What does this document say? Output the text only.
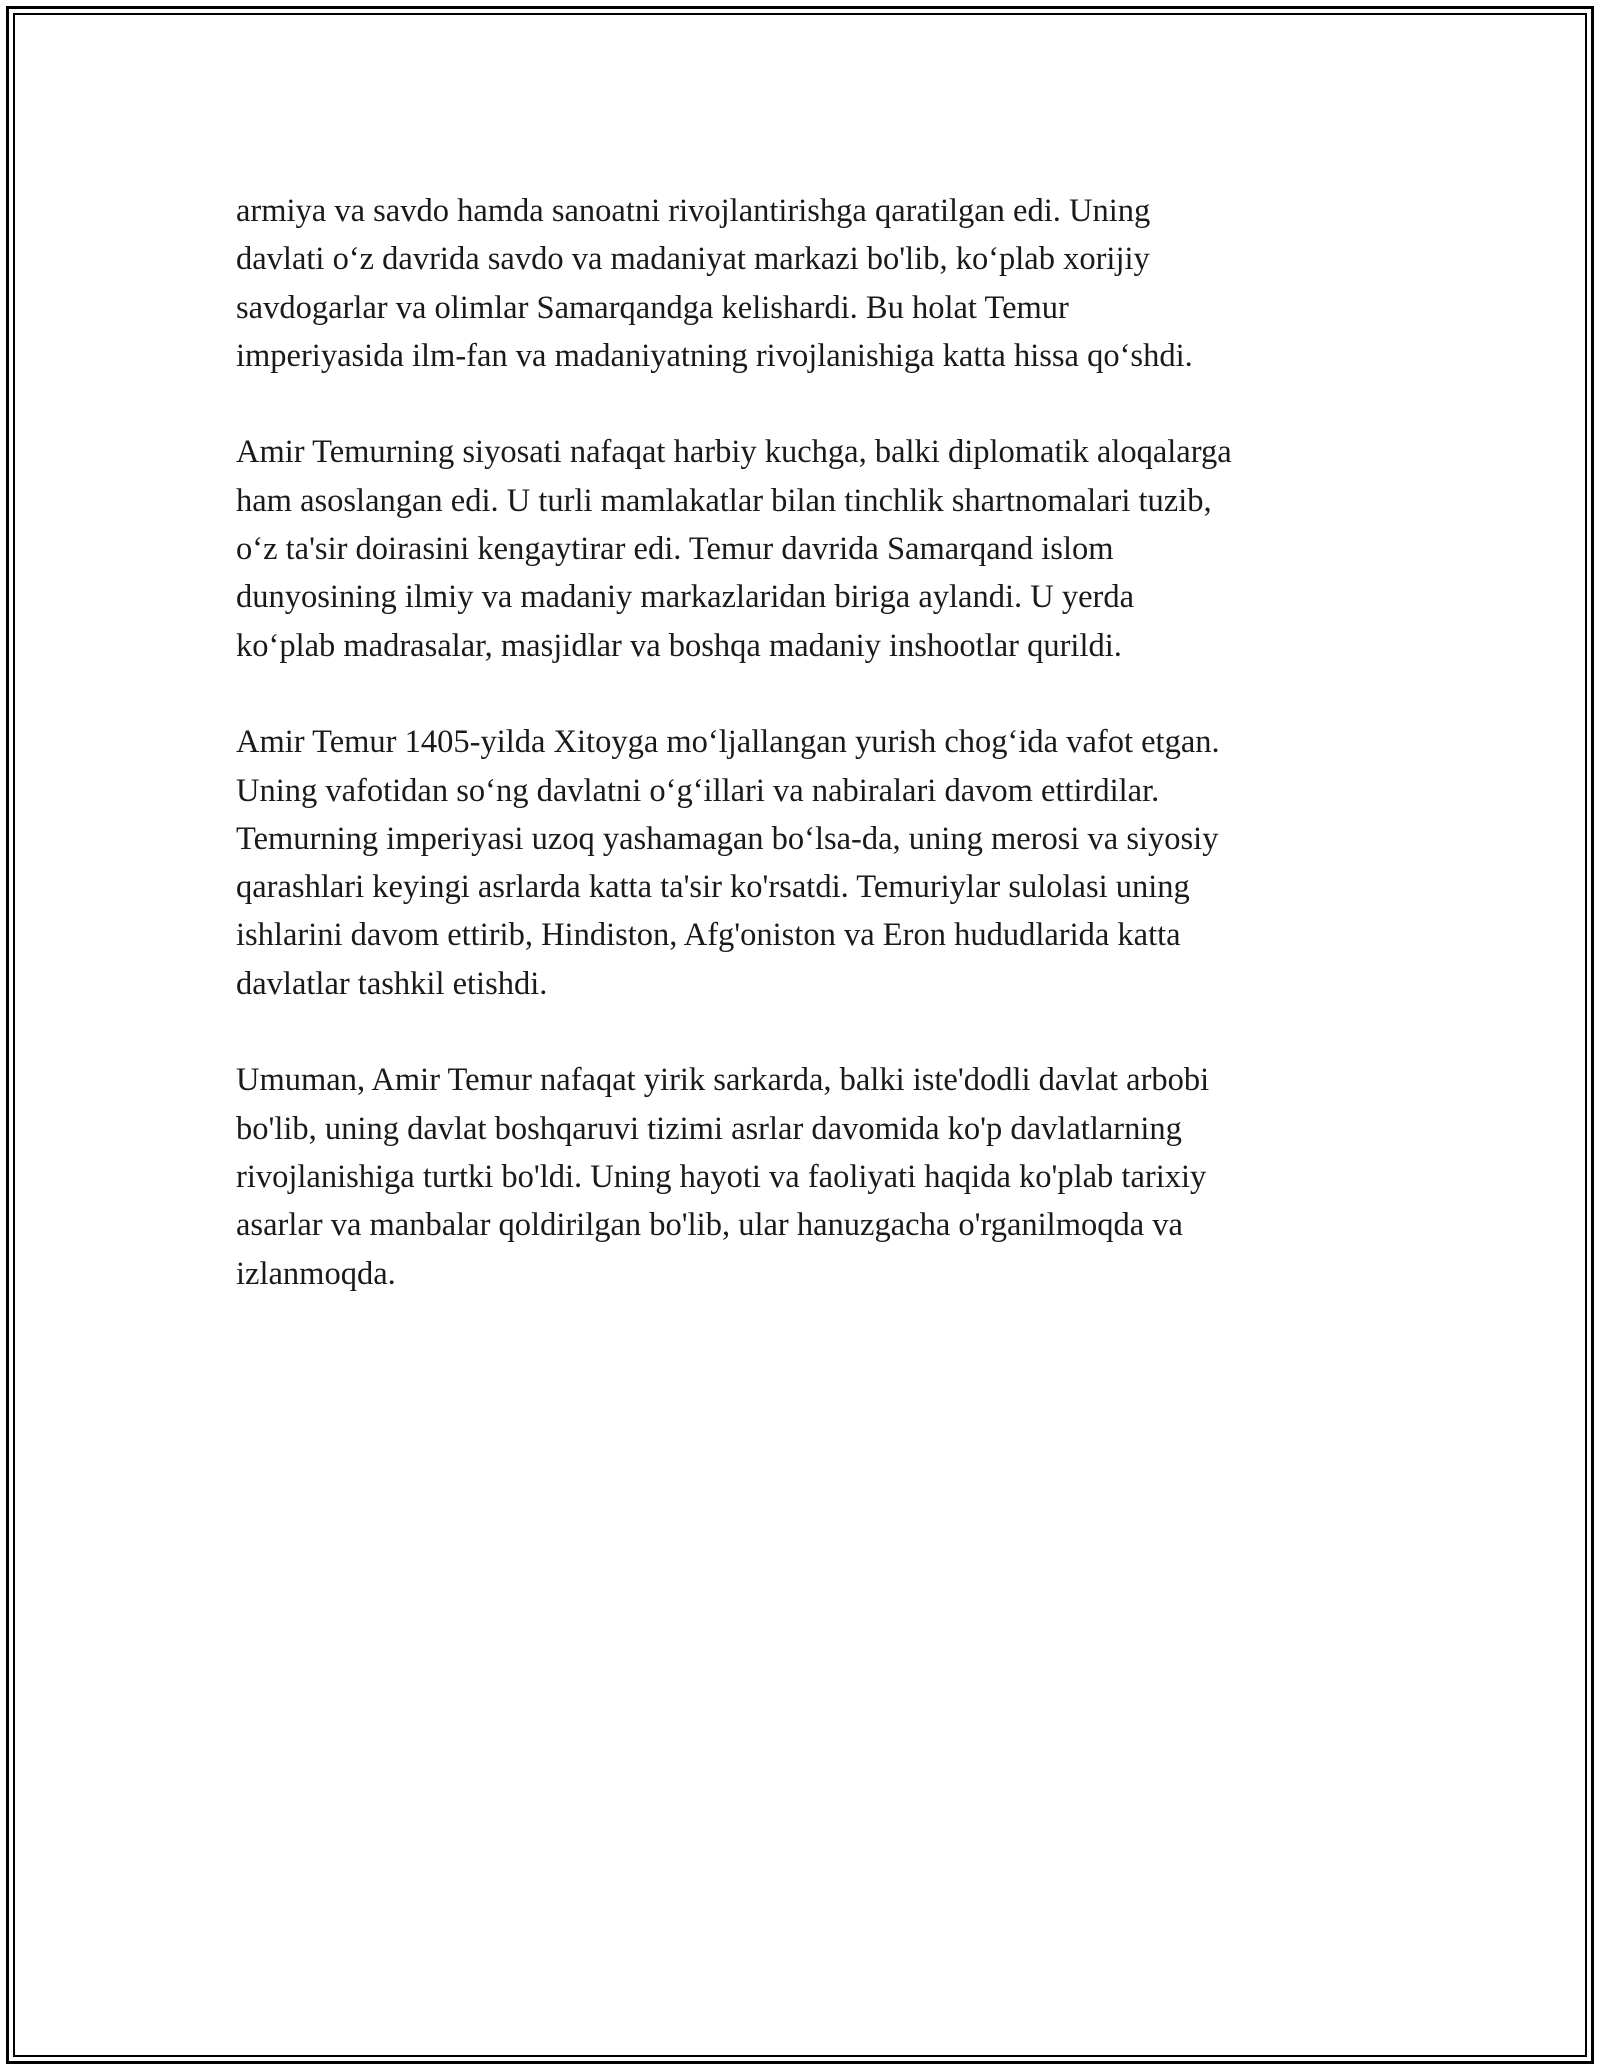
armiya va savdo hamda sanoatni rivojlantirishga qaratilgan edi. Uning
davlati o‘z davrida savdo va madaniyat markazi bo'lib, ko‘plab xorijiy
savdogarlar va olimlar Samarqandga kelishardi. Bu holat Temur
imperiyasida ilm-fan va madaniyatning rivojlanishiga katta hissa qo‘shdi.

Amir Temurning siyosati nafaqat harbiy kuchga, balki diplomatik aloqalarga
ham asoslangan edi. U turli mamlakatlar bilan tinchlik shartnomalari tuzib,
o‘z ta'sir doirasini kengaytirar edi. Temur davrida Samarqand islom
dunyosining ilmiy va madaniy markazlaridan biriga aylandi. U yerda
ko‘plab madrasalar, masjidlar va boshqa madaniy inshootlar qurildi.

Amir Temur 1405-yilda Xitoyga mo‘ljallangan yurish chog‘ida vafot etgan.
Uning vafotidan so‘ng davlatni o‘g‘illari va nabiralari davom ettirdilar.
Temurning imperiyasi uzoq yashamagan bo‘lsa-da, uning merosi va siyosiy
qarashlari keyingi asrlarda katta ta'sir ko'rsatdi. Temuriylar sulolasi uning
ishlarini davom ettirib, Hindiston, Afg'oniston va Eron hududlarida katta
davlatlar tashkil etishdi.

Umuman, Amir Temur nafaqat yirik sarkarda, balki iste'dodli davlat arbobi
bo'lib, uning davlat boshqaruvi tizimi asrlar davomida ko'p davlatlarning
rivojlanishiga turtki bo'ldi. Uning hayoti va faoliyati haqida ko'plab tarixiy
asarlar va manbalar qoldirilgan bo'lib, ular hanuzgacha o'rganilmoqda va
izlanmoqda.
